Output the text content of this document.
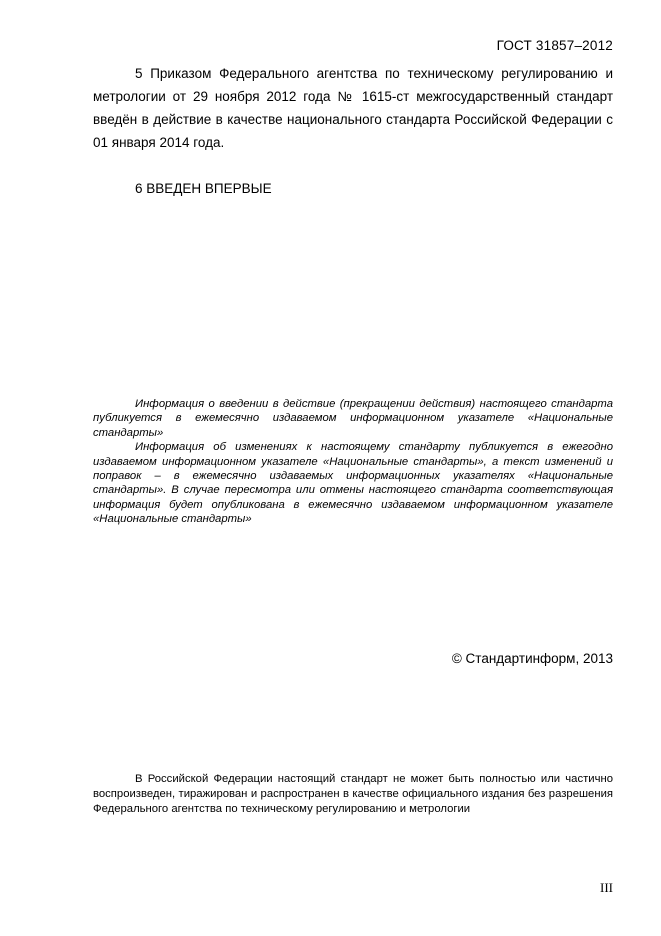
ГОСТ 31857–2012

5 Приказом Федерального агентства по техническому регулированию и метрологии от 29 ноября 2012 года № 1615-ст межгосударственный стандарт введён в действие в качестве национального стандарта Российской Федерации с 01 января 2014 года.

6 ВВЕДЕН ВПЕРВЫЕ

Информация о введении в действие (прекращении действия) настоящего стандарта публикуется в ежемесячно издаваемом информационном указателе «Национальные стандарты»

Информация об изменениях к настоящему стандарту публикуется в ежегодно издаваемом информационном указателе «Национальные стандарты», а текст изменений и поправок – в ежемесячно издаваемых информационных указателях «Национальные стандарты». В случае пересмотра или отмены настоящего стандарта соответствующая информация будет опубликована в ежемесячно издаваемом информационном указателе «Национальные стандарты»

© Стандартинформ, 2013

В Российской Федерации настоящий стандарт не может быть полностью или частично воспроизведен, тиражирован и распространен в качестве официального издания без разрешения Федерального агентства по техническому регулированию и метрологии

III
